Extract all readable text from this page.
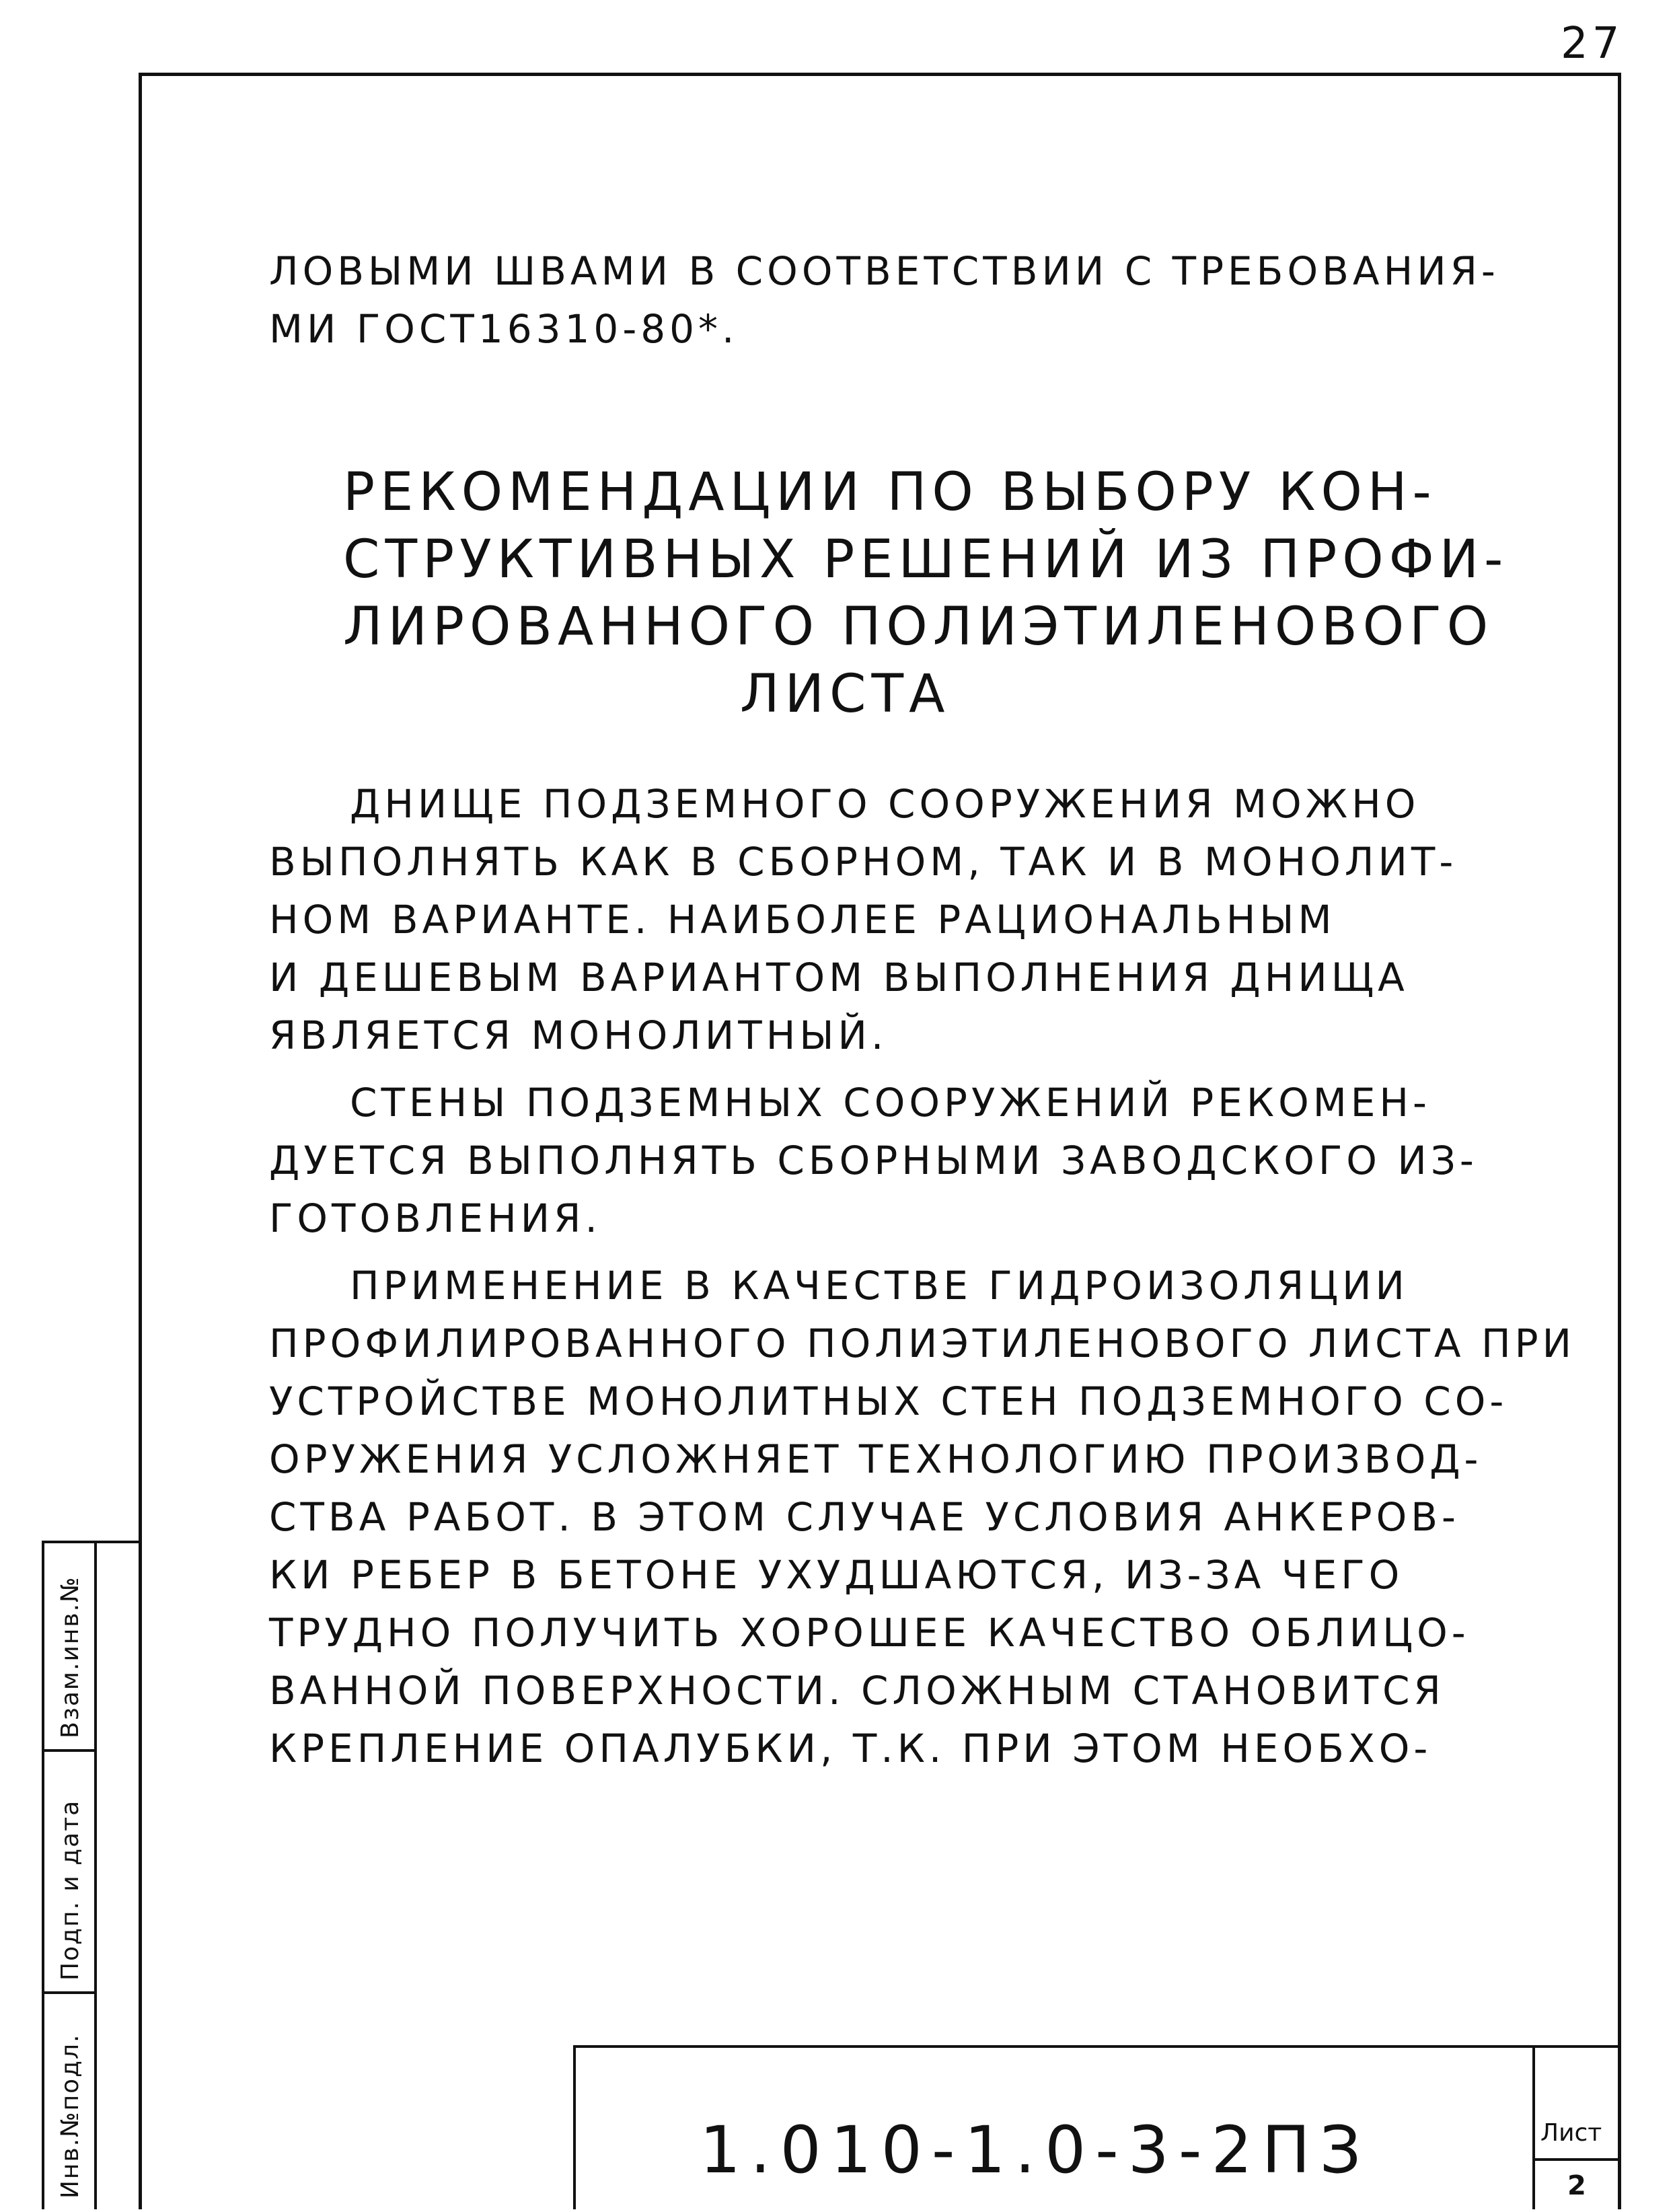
27
Взам.инв.№
Подп. и дата
Инв.№подл.

ЛОВЫМИ ШВАМИ В СООТВЕТСТВИИ С ТРЕБОВАНИЯ-

МИ ГОСТ16310-80*.

РЕКОМЕНДАЦИИ ПО ВЫБОРУ КОН-
СТРУКТИВНЫХ РЕШЕНИЙ ИЗ ПРОФИ-
ЛИРОВАННОГО ПОЛИЭТИЛЕНОВОГО
ЛИСТА
ДНИЩЕ ПОДЗЕМНОГО СООРУЖЕНИЯ МОЖНО
ВЫПОЛНЯТЬ КАК В СБОРНОМ, ТАК И В МОНОЛИТ-
НОМ ВАРИАНТЕ. НАИБОЛЕЕ РАЦИОНАЛЬНЫМ
И ДЕШЕВЫМ ВАРИАНТОМ ВЫПОЛНЕНИЯ ДНИЩА
ЯВЛЯЕТСЯ МОНОЛИТНЫЙ.
СТЕНЫ ПОДЗЕМНЫХ СООРУЖЕНИЙ РЕКОМЕН-
ДУЕТСЯ ВЫПОЛНЯТЬ СБОРНЫМИ ЗАВОДСКОГО ИЗ-
ГОТОВЛЕНИЯ.
ПРИМЕНЕНИЕ В КАЧЕСТВЕ ГИДРОИЗОЛЯЦИИ
ПРОФИЛИРОВАННОГО ПОЛИЭТИЛЕНОВОГО ЛИСТА ПРИ
УСТРОЙСТВЕ МОНОЛИТНЫХ СТЕН ПОДЗЕМНОГО СО-
ОРУЖЕНИЯ УСЛОЖНЯЕТ ТЕХНОЛОГИЮ ПРОИЗВОД-
СТВА РАБОТ. В ЭТОМ СЛУЧАЕ УСЛОВИЯ АНКЕРОВ-
КИ РЕБЕР В БЕТОНЕ УХУДШАЮТСЯ, ИЗ-ЗА ЧЕГО
ТРУДНО ПОЛУЧИТЬ ХОРОШЕЕ КАЧЕСТВО ОБЛИЦО-
ВАННОЙ ПОВЕРХНОСТИ. СЛОЖНЫМ СТАНОВИТСЯ
КРЕПЛЕНИЕ ОПАЛУБКИ, Т.К. ПРИ ЭТОМ НЕОБХО-
1.010-1.0-3-2ПЗ	Лист
2
